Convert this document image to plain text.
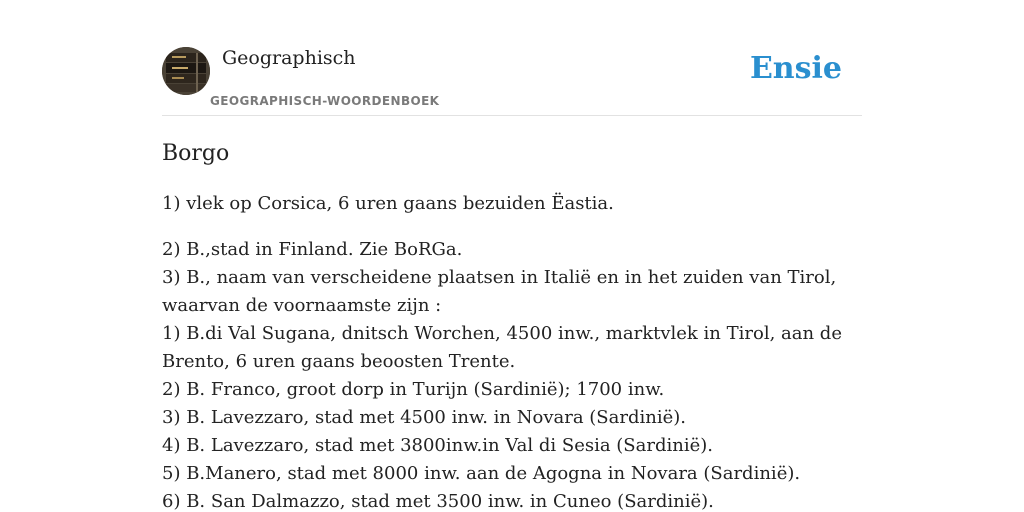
Geographisch
GEOGRAPHISCH-WOORDENBOEK
Ensie
Borgo

1) vlek op Corsica, 6 uren gaans bezuiden Ëastia.

2) B.,stad in Finland. Zie BoRGa.
3) B., naam van verscheidene plaatsen in Italië en in het zuiden van Tirol, waarvan de voornaamste zijn :
1) B.di Val Sugana, dnitsch Worchen, 4500 inw., marktvlek in Tirol, aan de Brento, 6 uren gaans beoosten Trente.
2) B. Franco, groot dorp in Turijn (Sardinië); 1700 inw.
3) B. Lavezzaro, stad met 4500 inw. in Novara (Sardinië).
4) B. Lavezzaro, stad met 3800inw.in Val di Sesia (Sardinië).
5) B.Manero, stad met 8000 inw. aan de Agogna in Novara (Sardinië).
6) B. San Dalmazzo, stad met 3500 inw. in Cuneo (Sardinië).
